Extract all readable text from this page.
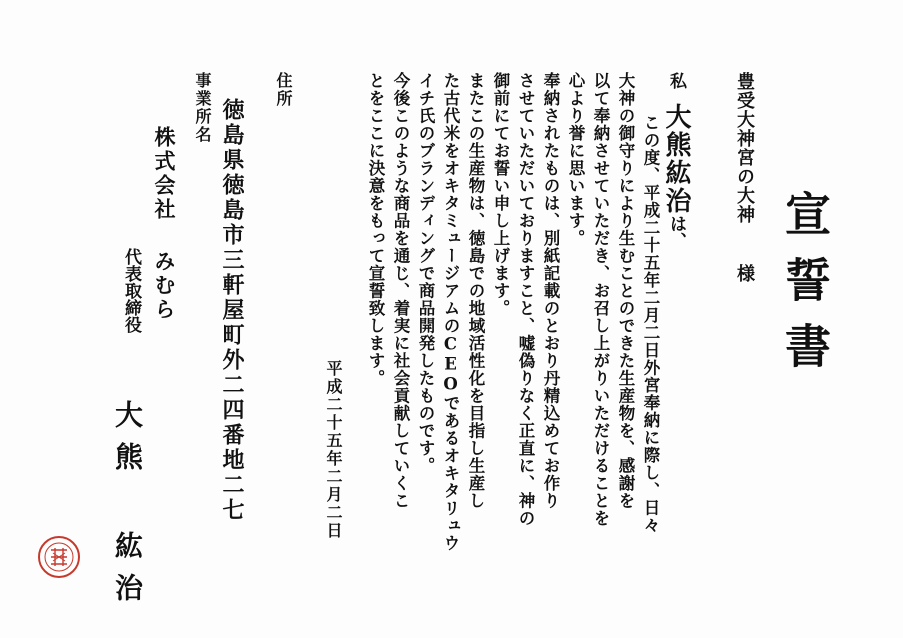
宣誓書
豊受大神宮の大神様
私大熊紘治は、
この度、平成二十五年二月二日外宮奉納に際し、日々
大神の御守りにより生むことのできた生産物を、感謝を
以て奉納させていただき、お召し上がりいただけることを
心より誉に思います。
奉納されたものは、別紙記載のとおり丹精込めてお作り
させていただいておりますこと、嘘偽りなく正直に、神の
御前にてお誓い申し上げます。
またこの生産物は、徳島での地域活性化を目指し生産し
た古代米をオキタミュージアムのCEOであるオキタリュウ
イチ氏のブランディングで商品開発したものです。
今後このような商品を通じ、着実に社会貢献していくこ
とをここに決意をもって宣誓致します。
平成二十五年二月二日
住所
徳島県徳島市三軒屋町外二四番地二七
事業所名
株式会社 みむら
代表取締役
大熊 紘治
